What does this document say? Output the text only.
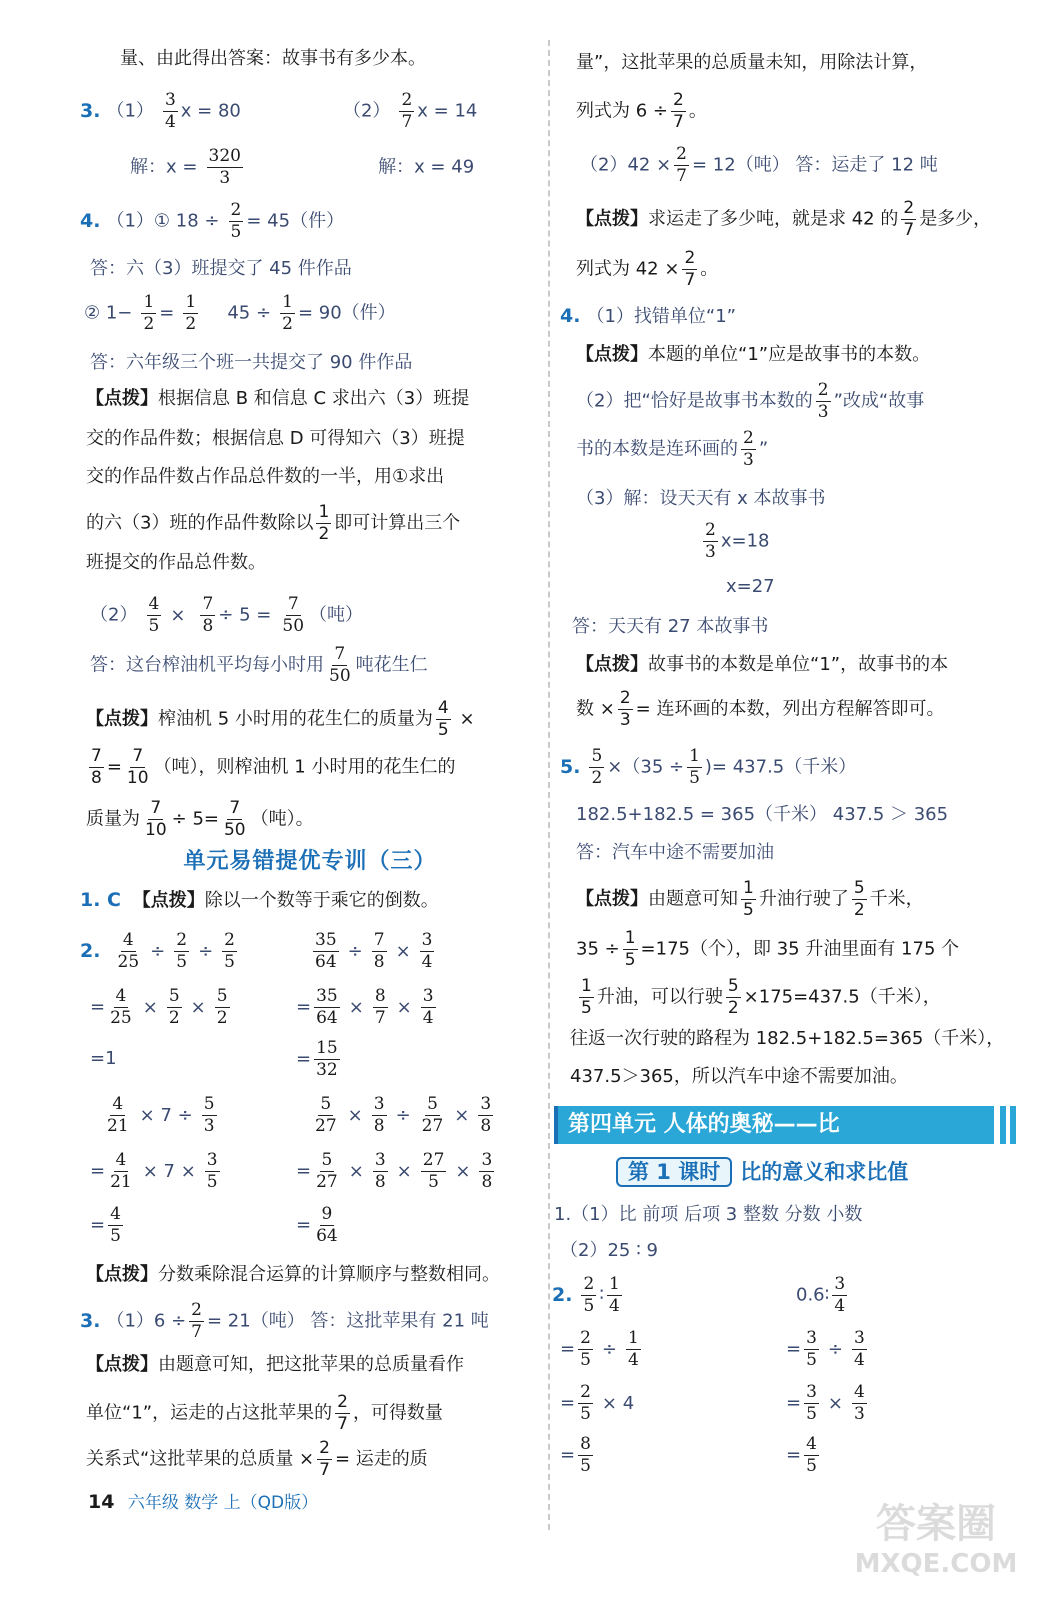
量、由此得出答案：故事书有多少本。
3. $(1) \frac{3}{4}$ x = 80	$(2) \frac{2}{7}$ x = 14
解：$x = \frac{320}{3}$	解：x = 49
4. （1）① $18 \div \frac{2}{5} = 45$（件）
答：六（3）班提交了 45 件作品
② $1- \frac{1}{2} = \frac{1}{2} 45 \div \frac{1}{2} = 90$（件）
答：六年级三个班一共提交了 90 件作品
【点拨】根据信息 B 和信息 C 求出六（3）班提
交的作品件数；根据信息 D 可得知六（3）班提
交的作品件数占作品总件数的一半，用①求出
的六（3）班的作品件数除以 $\frac{1}{2}$ 即可计算出三个
班提交的作品总件数。
$(2) \frac{4}{5} \times \frac{7}{8} \div 5 = \frac{7}{50}$ （吨）
答：这台榨油机平均每小时用 $\frac{7}{50}$ 吨花生仁
【点拨】榨油机 5 小时用的花生仁的质量为 $\frac{4}{5}$ ×
$\frac{7}{8} = \frac{7}{10}$ （吨），则榨油机 1 小时用的花生仁的
质量为 $\frac{7}{10} \div 5= \frac{7}{50}$ （吨）。
单元易错提优专训（三）
1. C 【点拨】除以一个数等于乘它的倒数。
2. $\frac{4}{25} \div \frac{2}{5} \div \frac{2}{5}$	$\frac{35}{64} \div \frac{7}{8} \times \frac{3}{4}$
= $\frac{4}{25} \times \frac{5}{2} \times \frac{5}{2}$	= $\frac{35}{64} \times \frac{8}{7} \times \frac{3}{4}$
=1	= $\frac{15}{32}$
$\frac{4}{21} \times 7 \div \frac{5}{3}$	$\frac{5}{27} \times \frac{3}{8} \div \frac{5}{27} \times \frac{3}{8}$
= $\frac{4}{21} \times 7 \times \frac{3}{5}$	= $\frac{5}{27} \times \frac{3}{8} \times \frac{27}{5} \times \frac{3}{8}$
= $\frac{4}{5}$	= $\frac{9}{64}$
【点拨】分数乘除混合运算的计算顺序与整数相同。
3. $(1)6 \div \frac{2}{7} = 21$（吨） 答：这批苹果有 21 吨
【点拨】由题意可知，把这批苹果的总质量看作
单位“1”，运走的占这批苹果的 $\frac{2}{7}$ ，可得数量
关系式“这批苹果的总质量 × $\frac{2}{7}$ = 运走的质
量”，这批苹果的总质量未知，用除法计算，
列式为 $6 \div \frac{2}{7}$ 。
$(2)42 \times \frac{2}{7} = 12$（吨） 答：运走了 12 吨
【点拨】求运走了多少吨，就是求 42 的 $\frac{2}{7}$ 是多少，
列式为 $42 \times \frac{2}{7}$ 。
4. （1）找错单位“1”
【点拨】本题的单位“1”应是故事书的本数。
（2）把“恰好是故事书本数的 $\frac{2}{3}$ ”改成“故事
书的本数是连环画的 $\frac{2}{3}$ ”
（3）解：设天天有 x 本故事书
$\frac{2}{3} x=18$
x=27
答：天天有 27 本故事书
【点拨】故事书的本数是单位“1”，故事书的本
数 × $\frac{2}{3}$ = 连环画的本数，列出方程解答即可。
5. $\frac{5}{2} \times(35 \div \frac{1}{5}$ )= 437.5（千米）
182.5+182.5 = 365（千米） 437.5 ＞ 365
答：汽车中途不需要加油
【点拨】由题意可知 $\frac{1}{5}$ 升油行驶了 $\frac{5}{2}$ 千米，
$35 \div \frac{1}{5} =175$（个），即 35 升油里面有 175 个
$\frac{1}{5}$ 升油，可以行驶 $\frac{5}{2} \times 175=437.5$（千米），
往返一次行驶的路程为 182.5+182.5=365（千米），
437.5＞365，所以汽车中途不需要加油。
第四单元 人体的奥秘——比
第 1 课时 比的意义和求比值
1.（1）比 前项 后项 3 整数 分数 小数
（2）25 ∶ 9
2. $\frac{2}{5}$ ∶ $\frac{1}{4}$	0.6∶ $\frac{3}{4}$
= $\frac{2}{5} \div \frac{1}{4}$	= $\frac{3}{5} \div \frac{3}{4}$
= $\frac{2}{5} \times 4$	= $\frac{3}{5} \times \frac{4}{3}$
= $\frac{8}{5}$	= $\frac{4}{5}$
14 六年级 数学 上（QD版）	答案圈
MXQE.COM
